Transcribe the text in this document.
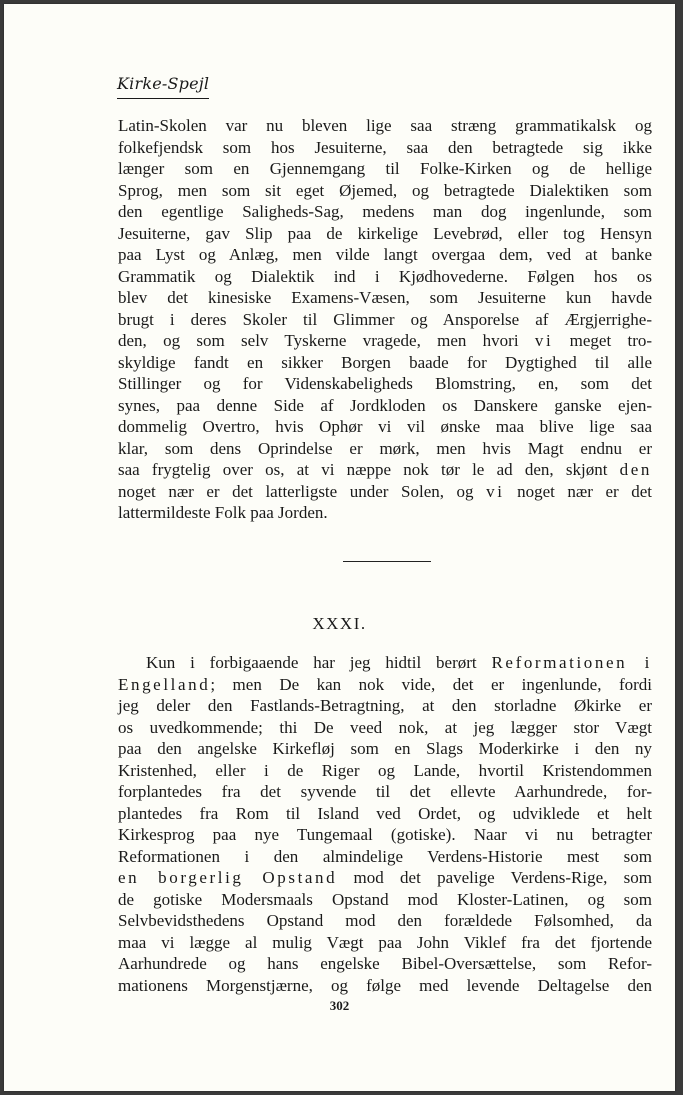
Kirke-Spejl
Latin-Skolen var nu bleven lige saa stræng grammatikalsk og
folkefjendsk som hos Jesuiterne, saa den betragtede sig ikke
længer som en Gjennemgang til Folke-Kirken og de hellige
Sprog, men som sit eget Øjemed, og betragtede Dialektiken som
den egentlige Saligheds-Sag, medens man dog ingenlunde, som
Jesuiterne, gav Slip paa de kirkelige Levebrød, eller tog Hensyn
paa Lyst og Anlæg, men vilde langt overgaa dem, ved at banke
Grammatik og Dialektik ind i Kjødhovederne. Følgen hos os
blev det kinesiske Examens-Væsen, som Jesuiterne kun havde
brugt i deres Skoler til Glimmer og Ansporelse af Ærgjerrighe-
den, og som selv Tyskerne vragede, men hvori vi meget tro-
skyldige fandt en sikker Borgen baade for Dygtighed til alle
Stillinger og for Videnskabeligheds Blomstring, en, som det
synes, paa denne Side af Jordkloden os Danskere ganske ejen-
dommelig Overtro, hvis Ophør vi vil ønske maa blive lige saa
klar, som dens Oprindelse er mørk, men hvis Magt endnu er
saa frygtelig over os, at vi næppe nok tør le ad den, skjønt den
noget nær er det latterligste under Solen, og vi noget nær er det
lattermildeste Folk paa Jorden.
XXXI.
Kun i forbigaaende har jeg hidtil berørt Reformationen i
Engelland; men De kan nok vide, det er ingenlunde, fordi
jeg deler den Fastlands-Betragtning, at den storladne Økirke er
os uvedkommende; thi De veed nok, at jeg lægger stor Vægt
paa den angelske Kirkefløj som en Slags Moderkirke i den ny
Kristenhed, eller i de Riger og Lande, hvortil Kristendommen
forplantedes fra det syvende til det ellevte Aarhundrede, for-
plantedes fra Rom til Island ved Ordet, og udviklede et helt
Kirkesprog paa nye Tungemaal (gotiske). Naar vi nu betragter
Reformationen i den almindelige Verdens-Historie mest som
en borgerlig Opstand mod det pavelige Verdens-Rige, som
de gotiske Modersmaals Opstand mod Kloster-Latinen, og som
Selvbevidsthedens Opstand mod den forældede Følsomhed, da
maa vi lægge al mulig Vægt paa John Viklef fra det fjortende
Aarhundrede og hans engelske Bibel-Oversættelse, som Refor-
mationens Morgenstjærne, og følge med levende Deltagelse den
302
